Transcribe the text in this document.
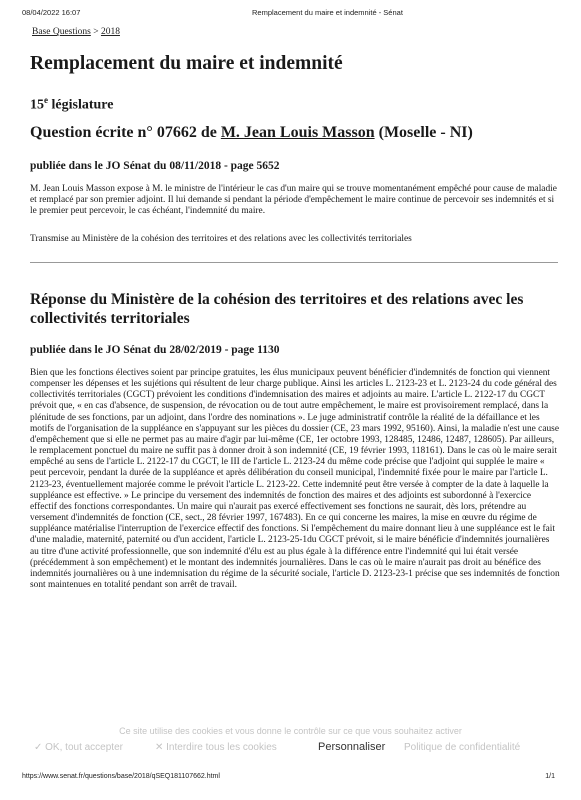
08/04/2022 16:07	Remplacement du maire et indemnité - Sénat
Base Questions > 2018
Remplacement du maire et indemnité
15e législature
Question écrite n° 07662 de M. Jean Louis Masson (Moselle - NI)
publiée dans le JO Sénat du 08/11/2018 - page 5652

M. Jean Louis Masson expose à M. le ministre de l'intérieur le cas d'un maire qui se trouve momentanément empêché pour cause de maladie et remplacé par son premier adjoint. Il lui demande si pendant la période d'empêchement le maire continue de percevoir ses indemnités et si le premier peut percevoir, le cas échéant, l'indemnité du maire.

Transmise au Ministère de la cohésion des territoires et des relations avec les collectivités territoriales

Réponse du Ministère de la cohésion des territoires et des relations avec les collectivités territoriales
publiée dans le JO Sénat du 28/02/2019 - page 1130

Bien que les fonctions électives soient par principe gratuites, les élus municipaux peuvent bénéficier d'indemnités de fonction qui viennent compenser les dépenses et les sujétions qui résultent de leur charge publique. Ainsi les articles L. 2123-23 et L. 2123-24 du code général des collectivités territoriales (CGCT) prévoient les conditions d'indemnisation des maires et adjoints au maire. L'article L. 2122-17 du CGCT prévoit que, « en cas d'absence, de suspension, de révocation ou de tout autre empêchement, le maire est provisoirement remplacé, dans la plénitude de ses fonctions, par un adjoint, dans l'ordre des nominations ». Le juge administratif contrôle la réalité de la défaillance et les motifs de l'organisation de la suppléance en s'appuyant sur les pièces du dossier (CE, 23 mars 1992, 95160). Ainsi, la maladie n'est une cause d'empêchement que si elle ne permet pas au maire d'agir par lui-même (CE, 1er octobre 1993, 128485, 12486, 12487, 128605). Par ailleurs, le remplacement ponctuel du maire ne suffit pas à donner droit à son indemnité (CE, 19 février 1993, 118161). Dans le cas où le maire serait empêché au sens de l'article L. 2122-17 du CGCT, le III de l'article L. 2123-24 du même code précise que l'adjoint qui supplée le maire « peut percevoir, pendant la durée de la suppléance et après délibération du conseil municipal, l'indemnité fixée pour le maire par l'article L. 2123-23, éventuellement majorée comme le prévoit l'article L. 2123-22. Cette indemnité peut être versée à compter de la date à laquelle la suppléance est effective. » Le principe du versement des indemnités de fonction des maires et des adjoints est subordonné à l'exercice effectif des fonctions correspondantes. Un maire qui n'aurait pas exercé effectivement ses fonctions ne saurait, dès lors, prétendre au versement d'indemnités de fonction (CE, sect., 28 février 1997, 167483). En ce qui concerne les maires, la mise en œuvre du régime de suppléance matérialise l'interruption de l'exercice effectif des fonctions. Si l'empêchement du maire donnant lieu à une suppléance est le fait d'une maladie, maternité, paternité ou d'un accident, l'article L. 2123-25-1du CGCT prévoit, si le maire bénéficie d'indemnités journalières au titre d'une activité professionnelle, que son indemnité d'élu est au plus égale à la différence entre l'indemnité qui lui était versée (précédemment à son empêchement) et le montant des indemnités journalières. Dans le cas où le maire n'aurait pas droit au bénéfice des indemnités journalières ou à une indemnisation du régime de la sécurité sociale, l'article D. 2123-23-1 précise que ses indemnités de fonction sont maintenues en totalité pendant son arrêt de travail.

Ce site utilise des cookies et vous donne le contrôle sur ce que vous souhaitez activer
✓ OK, tout accepter	✕ Interdire tous les cookies	Personnaliser Politique de confidentialité
https://www.senat.fr/questions/base/2018/qSEQ181107662.html	1/1
